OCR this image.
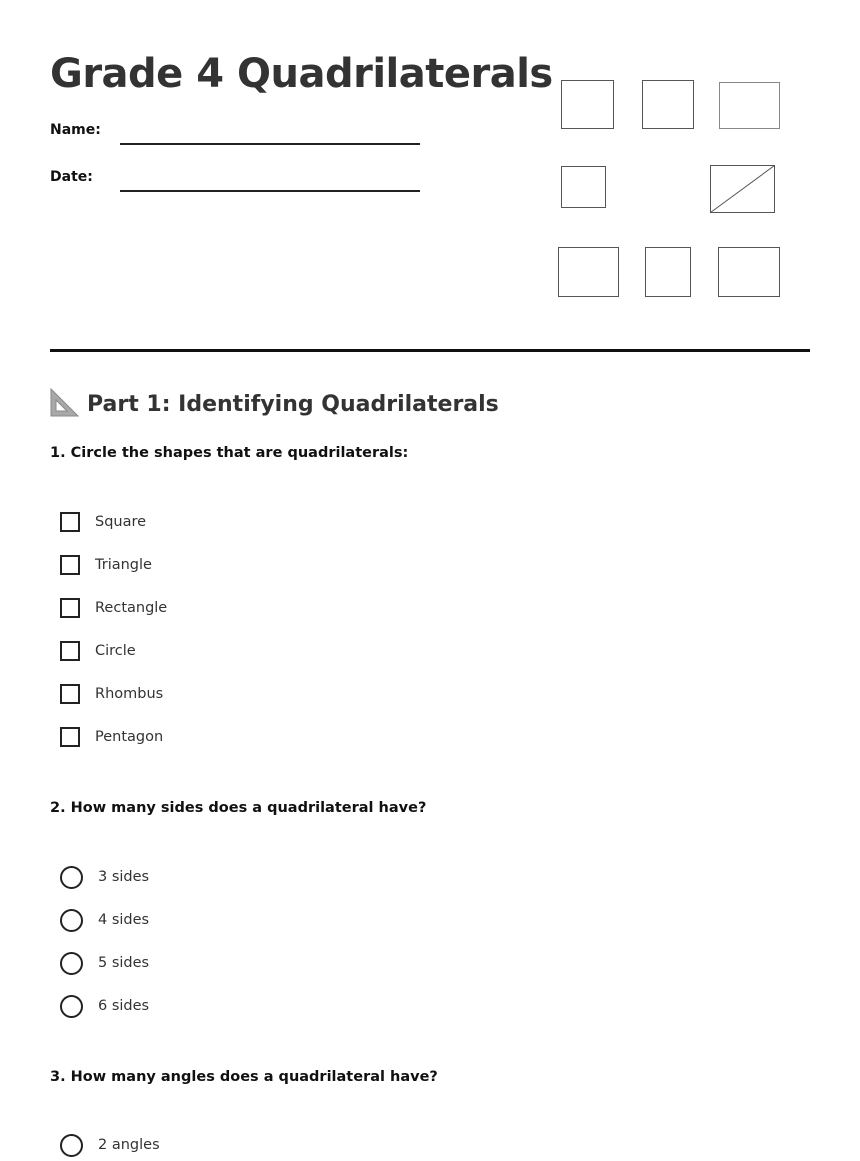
Grade 4 Quadrilaterals
Name:
Date:
Part 1: Identifying Quadrilaterals
1. Circle the shapes that are quadrilaterals:
Square
Triangle
Rectangle
Circle
Rhombus
Pentagon
2. How many sides does a quadrilateral have?
3 sides
4 sides
5 sides
6 sides
3. How many angles does a quadrilateral have?
2 angles
